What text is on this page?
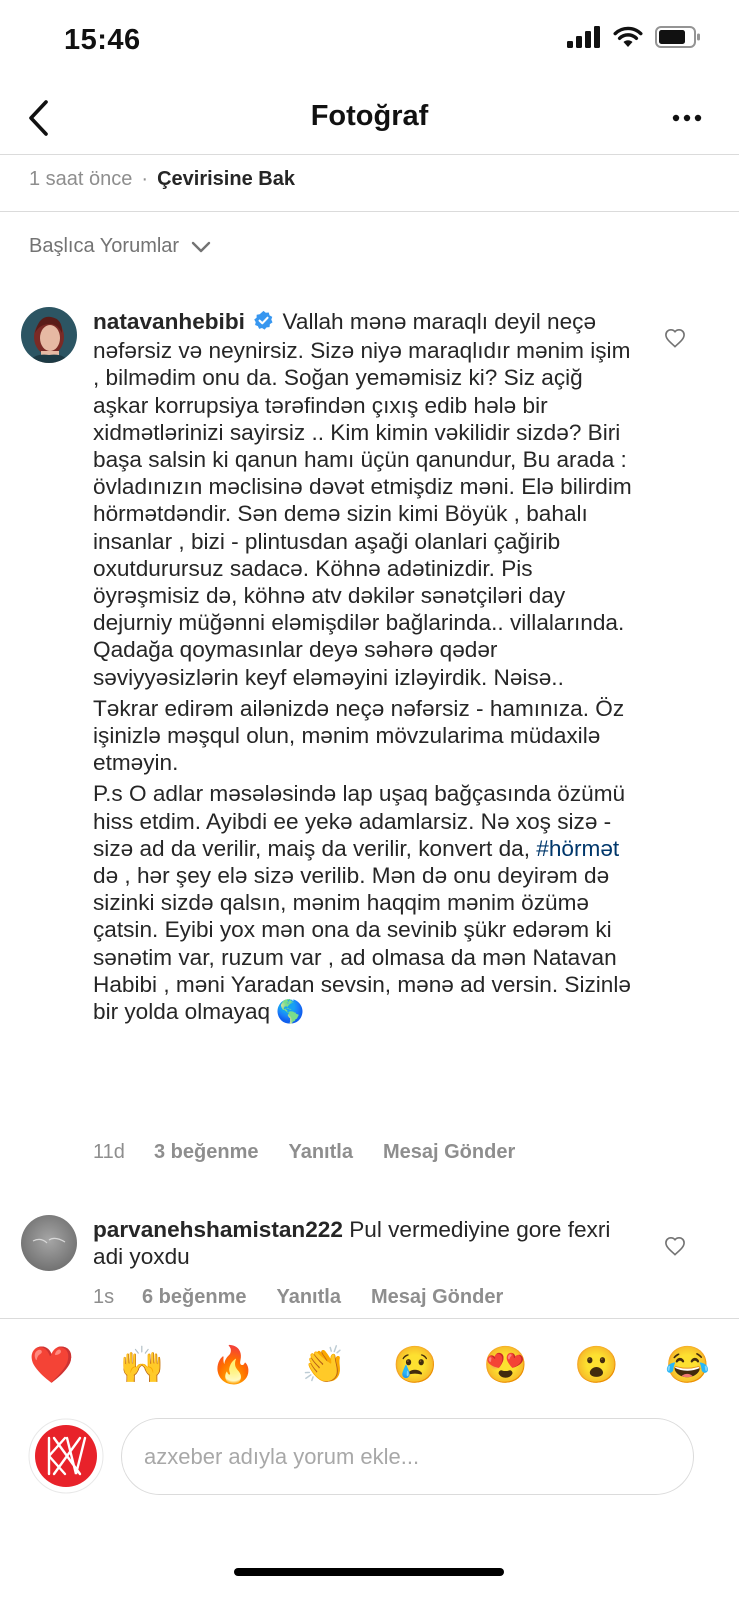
15:46
Fotoğraf
1 saat önce · Çevirisine Bak
Başlıca Yorumlar
natavanhebibi Vallah mənə maraqlı deyil neçə nəfərsiz və neynirsiz. Sizə niyə maraqlıdır mənim işim , bilmədim onu da. Soğan yeməmisiz ki? Siz açiğ aşkar korrupsiya tərəfindən çıxış edib hələ bir xidmətlərinizi sayirsiz .. Kim kimin vəkilidir sizdə? Biri başa salsin ki qanun hamı üçün qanundur, Bu arada : övladınızın məclisinə dəvət etmişdiz məni. Elə bilirdim hörmətdəndir. Sən demə sizin kimi Böyük , bahalı insanlar , bizi - plintusdan aşaği olanlari çağirib oxutdurursuz sadacə. Köhnə adətinizdir. Pis öyrəşmisiz də, köhnə atv dəkilər sənətçiləri day dejurniy müğənni eləmişdilər bağlarinda.. villalarında. Qadağa qoymasınlar deyə səhərə qədər səviyyəsizlərin keyf eləməyini izləyirdik. Nəisə..
Təkrar edirəm ailənizdə neçə nəfərsiz - hamınıza. Öz işinizlə məşqul olun, mənim mövzularima müdaxilə etməyin.
P.s O adlar məsələsində lap uşaq bağçasında özümü hiss etdim. Ayibdi ee yekə adamlarsiz. Nə xoş sizə - sizə ad da verilir, maiş da verilir, konvert da, #hörmət də , hər şey elə sizə verilib. Mən də onu deyirəm də sizinki sizdə qalsın, mənim haqqim mənim özümə çatsin. Eyibi yox mən ona da sevinib şükr edərəm ki sənətim var, ruzum var , ad olmasa da mən Natavan Habibi , məni Yaradan sevsin, mənə ad versin. Sizinlə bir yolda olmayaq 🌎
11d	3 beğenme Yanıtla Mesaj Gönder
parvanehshamistan222 Pul vermediyine gore fexri adi yoxdu
1s	6 beğenme Yanıtla Mesaj Gönder
❤️ 🙌 🔥 👏 😢 😍 😮 😂
azxeber adıyla yorum ekle...
